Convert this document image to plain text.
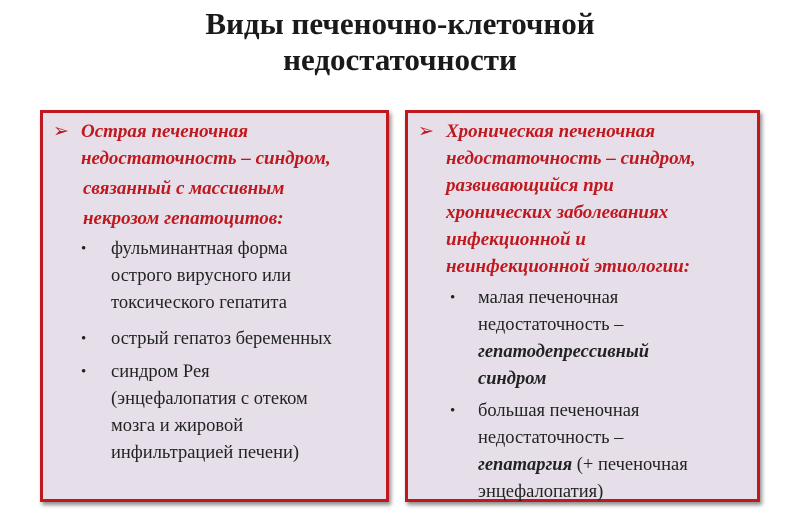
Виды печеночно-клеточной
недостаточности
➢ Острая печеночная
недостаточность – синдром,
связанный с массивным
некрозом гепатоцитов:
• фульминантная форма
острого вирусного или
токсического гепатита
• острый гепатоз беременных
• синдром Рея
(энцефалопатия с отеком
мозга и жировой
инфильтрацией печени)
➢ Хроническая печеночная
недостаточность – синдром,
развивающийся при
хронических заболеваниях
инфекционной и
неинфекционной этиологии:
• малая печеночная
недостаточность –
гепатодепрессивный
синдром
• большая печеночная
недостаточность –
гепатаргия (+ печеночная
энцефалопатия)
